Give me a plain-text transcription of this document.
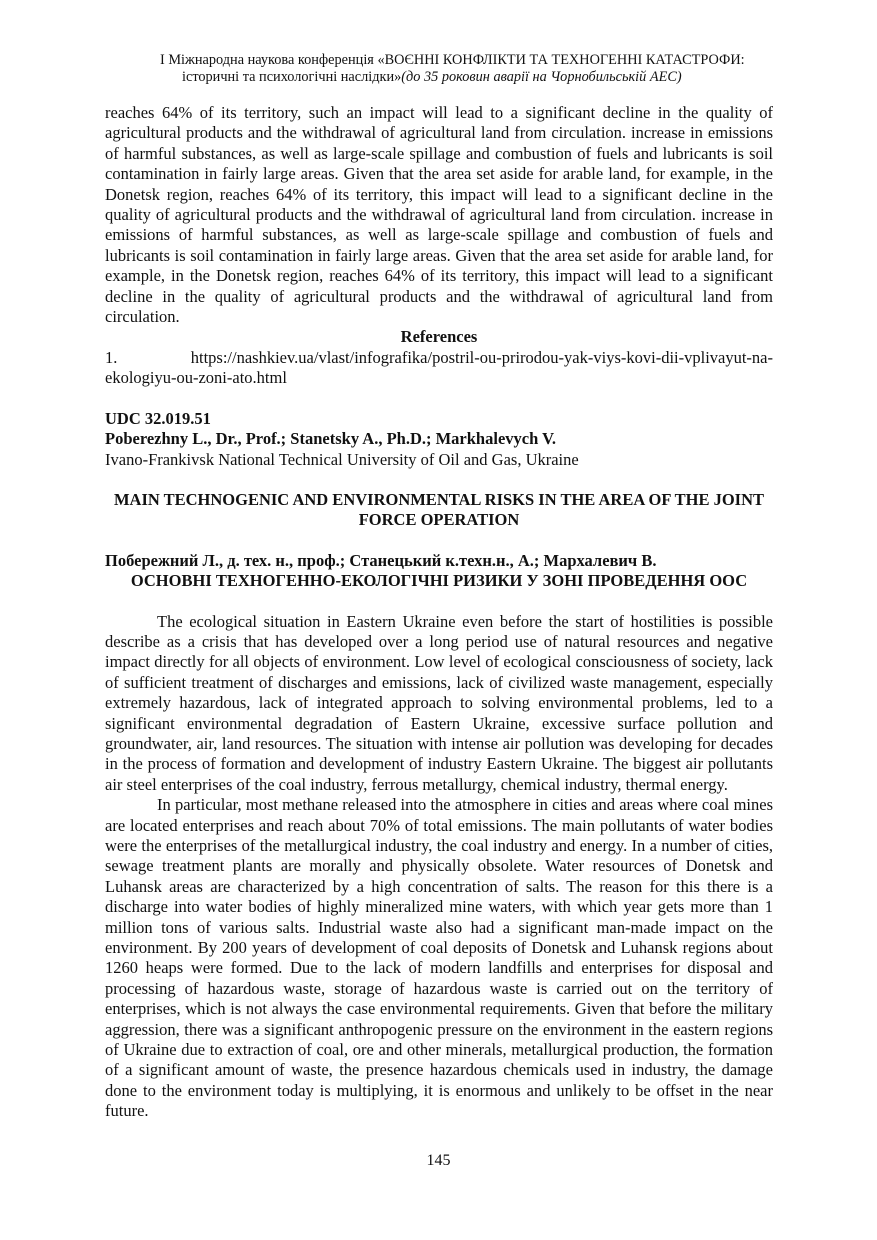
I Міжнародна наукова конференція «ВОЄННІ КОНФЛІКТИ ТА ТЕХНОГЕННІ КАТАСТРОФИ:
історичні та психологічні наслідки»(до 35 роковин аварії на Чорнобильській АЕС)

reaches 64% of its territory, such an impact will lead to a significant decline in the quality of agricultural products and the withdrawal of agricultural land from circulation. increase in emissions of harmful substances, as well as large-scale spillage and combustion of fuels and lubricants is soil contamination in fairly large areas. Given that the area set aside for arable land, for example, in the Donetsk region, reaches 64% of its territory, this impact will lead to a significant decline in the quality of agricultural products and the withdrawal of agricultural land from circulation. increase in emissions of harmful substances, as well as large-scale spillage and combustion of fuels and lubricants is soil contamination in fairly large areas. Given that the area set aside for arable land, for example, in the Donetsk region, reaches 64% of its territory, this impact will lead to a significant decline in the quality of agricultural products and the withdrawal of agricultural land from circulation.

References

1.    https://nashkiev.ua/vlast/infografika/postril-ou-prirodou-yak-viys-kovi-dii-vplivayut-na-ekologiyu-ou-zoni-ato.html

UDC 32.019.51

Poberezhny L., Dr., Prof.; Stanetsky A., Ph.D.; Markhalevych V.

Ivano-Frankivsk National Technical University of Oil and Gas, Ukraine

MAIN TECHNOGENIC AND ENVIRONMENTAL RISKS IN THE AREA OF THE JOINT FORCE OPERATION

Побережний Л., д. тех. н., проф.; Станецький к.техн.н., А.; Мархалевич В.

ОСНОВНІ ТЕХНОГЕННО-ЕКОЛОГІЧНІ РИЗИКИ У ЗОНІ ПРОВЕДЕННЯ ООС

The ecological situation in Eastern Ukraine even before the start of hostilities is possible describe as a crisis that has developed over a long period use of natural resources and negative impact directly for all objects of environment. Low level of ecological consciousness of society, lack of sufficient treatment of discharges and emissions, lack of civilized waste management, especially extremely hazardous, lack of integrated approach to solving environmental problems, led to a significant environmental degradation of Eastern Ukraine, excessive surface pollution and groundwater, air, land resources. The situation with intense air pollution was developing for decades in the process of formation and development of industry Eastern Ukraine. The biggest air pollutants air steel enterprises of the coal industry, ferrous metallurgy, chemical industry, thermal energy.

In particular, most methane released into the atmosphere in cities and areas where coal mines are located enterprises and reach about 70% of total emissions. The main pollutants of water bodies were the enterprises of the metallurgical industry, the coal industry and energy. In a number of cities, sewage treatment plants are morally and physically obsolete. Water resources of Donetsk and Luhansk areas are characterized by a high concentration of salts. The reason for this there is a discharge into water bodies of highly mineralized mine waters, with which year gets more than 1 million tons of various salts. Industrial waste also had a significant man-made impact on the environment. By 200 years of development of coal deposits of Donetsk and Luhansk regions about 1260 heaps were formed. Due to the lack of modern landfills and enterprises for disposal and processing of hazardous waste, storage of hazardous waste is carried out on the territory of enterprises, which is not always the case environmental requirements. Given that before the military aggression, there was a significant anthropogenic pressure on the environment in the eastern regions of Ukraine due to extraction of coal, ore and other minerals, metallurgical production, the formation of a significant amount of waste, the presence hazardous chemicals used in industry, the damage done to the environment today is multiplying, it is enormous and unlikely to be offset in the near future.

145
